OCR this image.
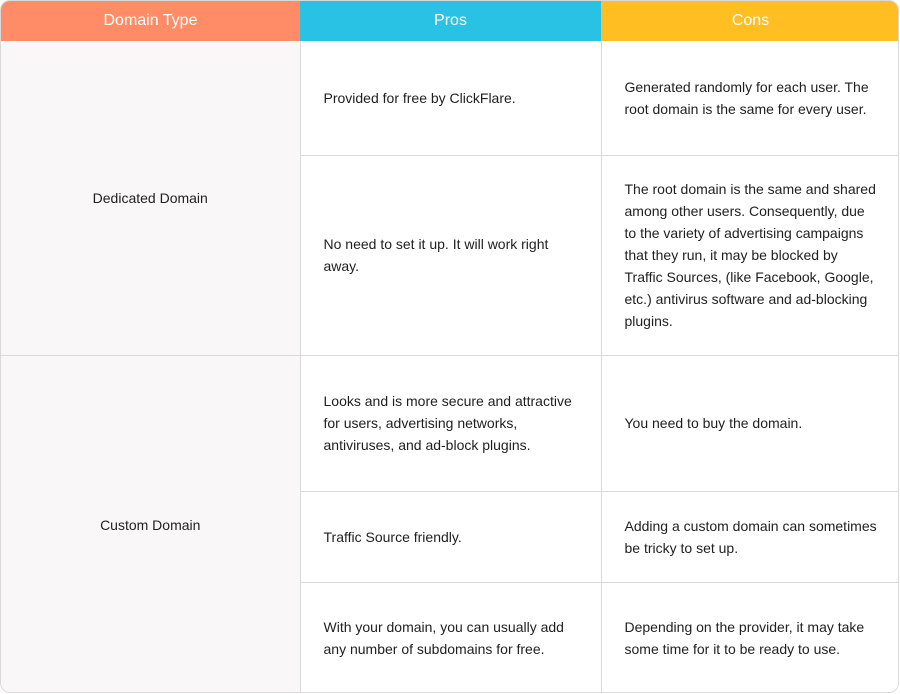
Domain Type	Pros	Cons
Dedicated Domain	Provided for free by ClickFlare.	Generated randomly for each user. The root domain is the same for every user.
	No need to set it up. It will work right away.	The root domain is the same and shared among other users. Consequently, due to the variety of advertising campaigns that they run, it may be blocked by Traffic Sources, (like Facebook, Google, etc.) antivirus software and ad-blocking plugins.
Custom Domain	Looks and is more secure and attractive for users, advertising networks, antiviruses, and ad-block plugins.	You need to buy the domain.
	Traffic Source friendly.	Adding a custom domain can sometimes be tricky to set up.
	With your domain, you can usually add any number of subdomains for free.	Depending on the provider, it may take some time for it to be ready to use.
